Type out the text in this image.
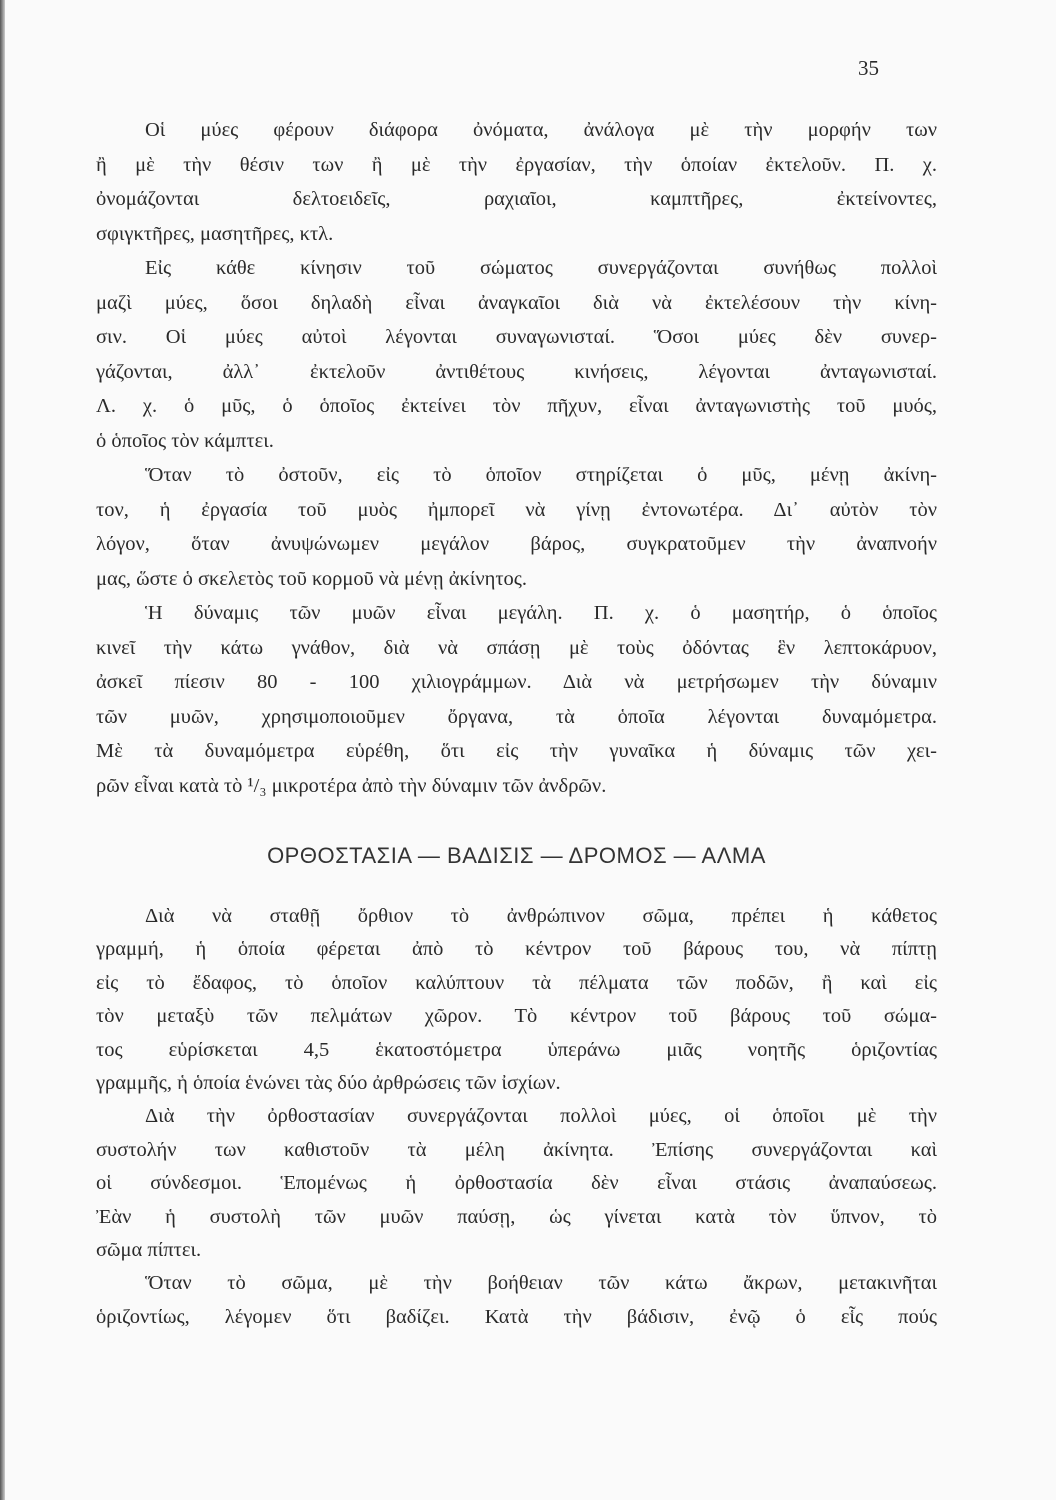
35
Οἱ μύες φέρουν διάφορα ὀνόματα, ἀνάλογα μὲ τὴν μορφήν των
ἢ μὲ τὴν θέσιν των ἢ μὲ τὴν ἐργασίαν, τὴν ὁποίαν ἐκτελοῦν. Π. χ.
ὀνομάζονται δελτοειδεῖς, ραχιαῖοι, καμπτῆρες, ἐκτείνοντες,
σφιγκτῆρες, μασητῆρες, κτλ.
Εἰς κάθε κίνησιν τοῦ σώματος συνεργάζονται συνήθως πολλοὶ
μαζὶ μύες, ὅσοι δηλαδὴ εἶναι ἀναγκαῖοι διὰ νὰ ἐκτελέσουν τὴν κίνη-
σιν. Οἱ μύες αὐτοὶ λέγονται συναγωνισταί. Ὅσοι μύες δὲν συνερ-
γάζονται, ἀλλ᾽ ἐκτελοῦν ἀντιθέτους κινήσεις, λέγονται ἀνταγωνισταί.
Λ. χ. ὁ μῦς, ὁ ὁποῖος ἐκτείνει τὸν πῆχυν, εἶναι ἀνταγωνιστὴς τοῦ μυός,
ὁ ὁποῖος τὸν κάμπτει.
Ὅταν τὸ ὀστοῦν, εἰς τὸ ὁποῖον στηρίζεται ὁ μῦς, μένῃ ἀκίνη-
τον, ἡ ἐργασία τοῦ μυὸς ἠμπορεῖ νὰ γίνῃ ἐντονωτέρα. Δι᾽ αὐτὸν τὸν
λόγον, ὅταν ἀνυψώνωμεν μεγάλον βάρος, συγκρατοῦμεν τὴν ἀναπνοήν
μας, ὥστε ὁ σκελετὸς τοῦ κορμοῦ νὰ μένῃ ἀκίνητος.
Ἡ δύναμις τῶν μυῶν εἶναι μεγάλη. Π. χ. ὁ μασητήρ, ὁ ὁποῖος
κινεῖ τὴν κάτω γνάθον, διὰ νὰ σπάσῃ μὲ τοὺς ὀδόντας ἓν λεπτοκάρυον,
ἀσκεῖ πίεσιν 80 - 100 χιλιογράμμων. Διὰ νὰ μετρήσωμεν τὴν δύναμιν
τῶν μυῶν, χρησιμοποιοῦμεν ὄργανα, τὰ ὁποῖα λέγονται δυναμόμετρα.
Μὲ τὰ δυναμόμετρα εὑρέθη, ὅτι εἰς τὴν γυναῖκα ἡ δύναμις τῶν χει-
ρῶν εἶναι κατὰ τὸ ¹/₃ μικροτέρα ἀπὸ τὴν δύναμιν τῶν ἀνδρῶν.
ΟΡΘΟΣΤΑΣΙΑ — ΒΑΔΙΣΙΣ — ΔΡΟΜΟΣ — ΑΛΜΑ
Διὰ νὰ σταθῇ ὄρθιον τὸ ἀνθρώπινον σῶμα, πρέπει ἡ κάθετος
γραμμή, ἡ ὁποία φέρεται ἀπὸ τὸ κέντρον τοῦ βάρους του, νὰ πίπτῃ
εἰς τὸ ἔδαφος, τὸ ὁποῖον καλύπτουν τὰ πέλματα τῶν ποδῶν, ἢ καὶ εἰς
τὸν μεταξὺ τῶν πελμάτων χῶρον. Τὸ κέντρον τοῦ βάρους τοῦ σώμα-
τος εὑρίσκεται 4,5 ἑκατοστόμετρα ὑπεράνω μιᾶς νοητῆς ὁριζοντίας
γραμμῆς, ἡ ὁποία ἑνώνει τὰς δύο ἀρθρώσεις τῶν ἰσχίων.
Διὰ τὴν ὀρθοστασίαν συνεργάζονται πολλοὶ μύες, οἱ ὁποῖοι μὲ τὴν
συστολήν των καθιστοῦν τὰ μέλη ἀκίνητα. Ἐπίσης συνεργάζονται καὶ
οἱ σύνδεσμοι. Ἑπομένως ἡ ὀρθοστασία δὲν εἶναι στάσις ἀναπαύσεως.
Ἐὰν ἡ συστολὴ τῶν μυῶν παύσῃ, ὡς γίνεται κατὰ τὸν ὕπνον, τὸ
σῶμα πίπτει.
Ὅταν τὸ σῶμα, μὲ τὴν βοήθειαν τῶν κάτω ἄκρων, μετακινῆται
ὁριζοντίως, λέγομεν ὅτι βαδίζει. Κατὰ τὴν βάδισιν, ἐνῷ ὁ εἷς πούς
